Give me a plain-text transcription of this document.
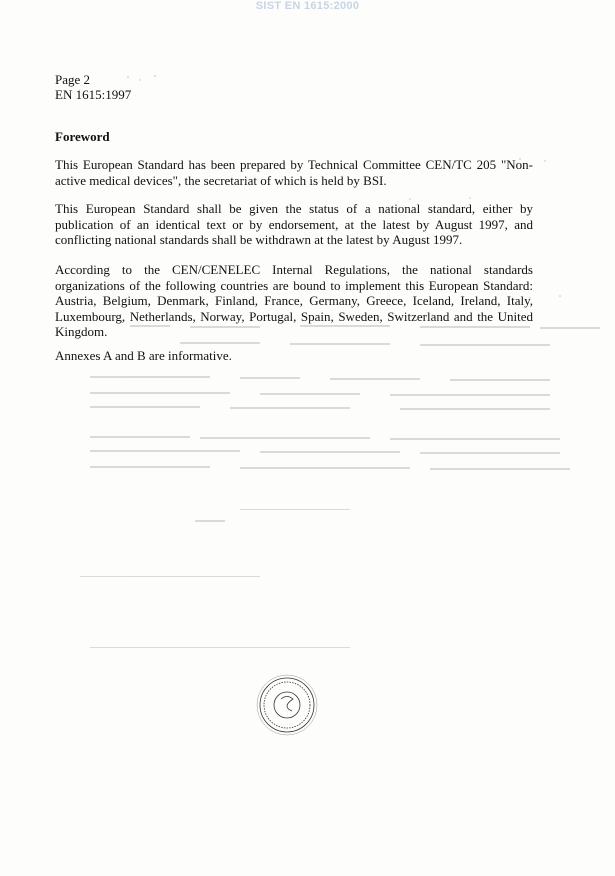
SIST EN 1615:2000
Page 2
EN 1615:1997
Foreword

This European Standard has been prepared by Technical Committee CEN/TC 205 "Non-active medical devices", the secretariat of which is held by BSI.

This European Standard shall be given the status of a national standard, either by publication of an identical text or by endorsement, at the latest by August 1997, and conflicting national standards shall be withdrawn at the latest by August 1997.

According to the CEN/CENELEC Internal Regulations, the national standards organizations of the following countries are bound to implement this European Standard: Austria, Belgium, Denmark, Finland, France, Germany, Greece, Iceland, Ireland, Italy, Luxembourg, Netherlands, Norway, Portugal, Spain, Sweden, Switzerland and the United Kingdom.

Annexes A and B are informative.
